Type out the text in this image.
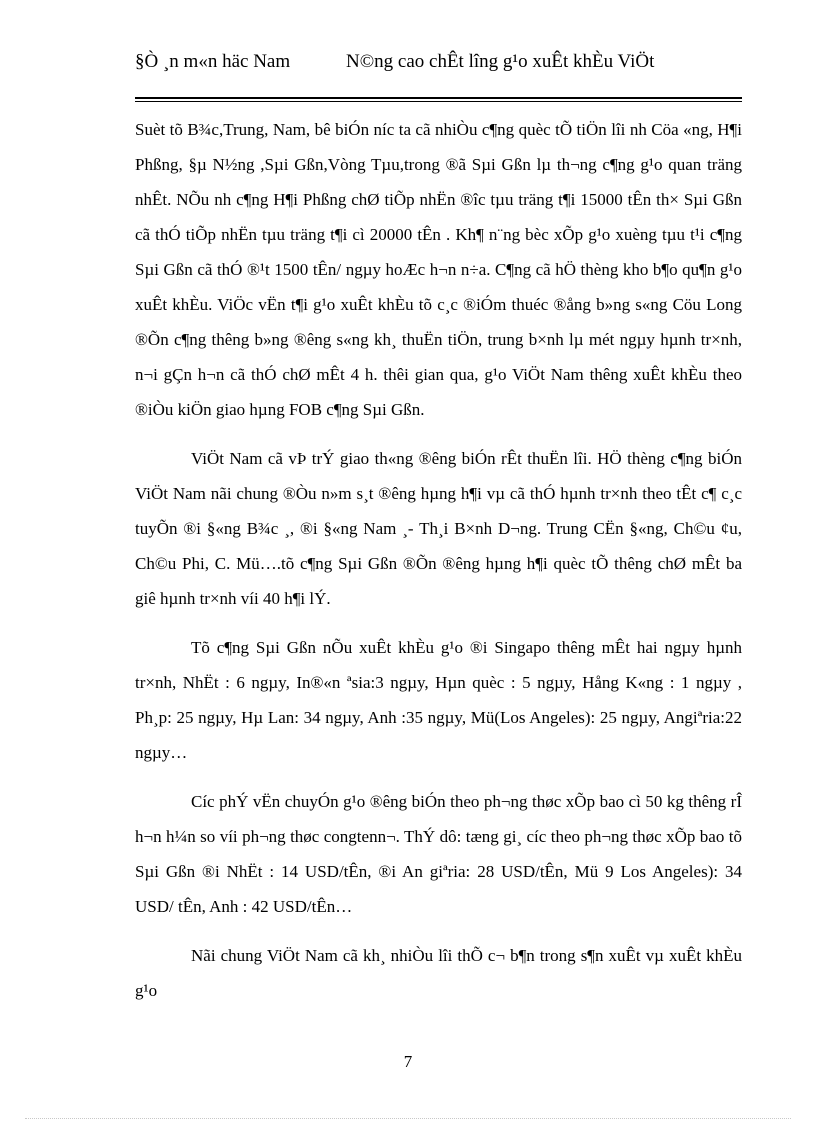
§Ò ¸n m«n häc Nam	N©ng cao chÊt lîng g¹o xuÊt khÈu ViÖt

Suèt tõ B¾c,Trung, Nam, bê biÓn níc ta cã nhiÒu c¶ng quèc tÕ tiÖn lîi nh Cöa «ng, H¶i Phßng, §µ N½ng ,Sµi Gßn,Vòng Tµu,trong ®ã Sµi Gßn lµ th¬ng c¶ng g¹o quan träng nhÊt. NÕu nh c¶ng H¶i Phßng chØ tiÕp nhËn ®îc tµu träng t¶i 15000 tÊn th× Sµi Gßn cã thÓ tiÕp nhËn tµu träng t¶i cì 20000 tÊn . Kh¶ n¨ng bèc xÕp g¹o xuèng tµu t¹i c¶ng Sµi Gßn cã thÓ ®¹t 1500 tÊn/ ngµy hoÆc h¬n n÷a. C¶ng cã hÖ thèng kho b¶o qu¶n g¹o xuÊt khÈu. ViÖc vËn t¶i g¹o xuÊt khÈu tõ c¸c ®iÓm thuéc ®ång b»ng s«ng Cöu Long ®Õn c¶ng thêng b»ng ®êng s«ng kh¸ thuËn tiÖn, trung b×nh lµ mét ngµy hµnh tr×nh, n¬i gÇn h¬n cã thÓ chØ mÊt 4 h. thêi gian qua, g¹o ViÖt Nam thêng xuÊt khÈu theo ®iÒu kiÖn giao hµng FOB c¶ng Sµi Gßn.

ViÖt Nam cã vÞ trÝ giao th«ng ®êng biÓn rÊt thuËn lîi. HÖ thèng c¶ng biÓn ViÖt Nam nãi chung ®Òu n»m s¸t ®êng hµng h¶i vµ cã thÓ hµnh tr×nh theo tÊt c¶ c¸c tuyÕn ®i §«ng B¾c ¸, ®i §«ng Nam ¸- Th¸i B×nh D¬ng. Trung CËn §«ng, Ch©u ¢u, Ch©u Phi, C. Mü….tõ c¶ng Sµi Gßn ®Õn ®êng hµng h¶i quèc tÕ thêng chØ mÊt ba giê hµnh tr×nh víi 40 h¶i lÝ.

Tõ c¶ng Sµi Gßn nÕu xuÊt khÈu g¹o ®i Singapo thêng mÊt hai ngµy hµnh tr×nh, NhËt : 6 ngµy, In®«n ªsia:3 ngµy, Hµn quèc : 5 ngµy, Hång K«ng : 1 ngµy , Ph¸p: 25 ngµy, Hµ Lan: 34 ngµy, Anh :35 ngµy, Mü(Los Angeles): 25 ngµy, Angiªria:22 ngµy…

Cíc phÝ vËn chuyÓn g¹o ®êng biÓn theo ph¬ng thøc xÕp bao cì 50 kg thêng rÎ h¬n h¼n so víi ph¬ng thøc congtenn¬. ThÝ dô: tæng gi¸ cíc theo ph¬ng thøc xÕp bao tõ Sµi Gßn ®i NhËt : 14 USD/tÊn, ®i An giªria: 28 USD/tÊn, Mü 9 Los Angeles): 34 USD/ tÊn, Anh : 42 USD/tÊn…

Nãi chung ViÖt Nam cã kh¸ nhiÒu lîi thÕ c¬ b¶n trong s¶n xuÊt vµ xuÊt khÈu g¹o

7
